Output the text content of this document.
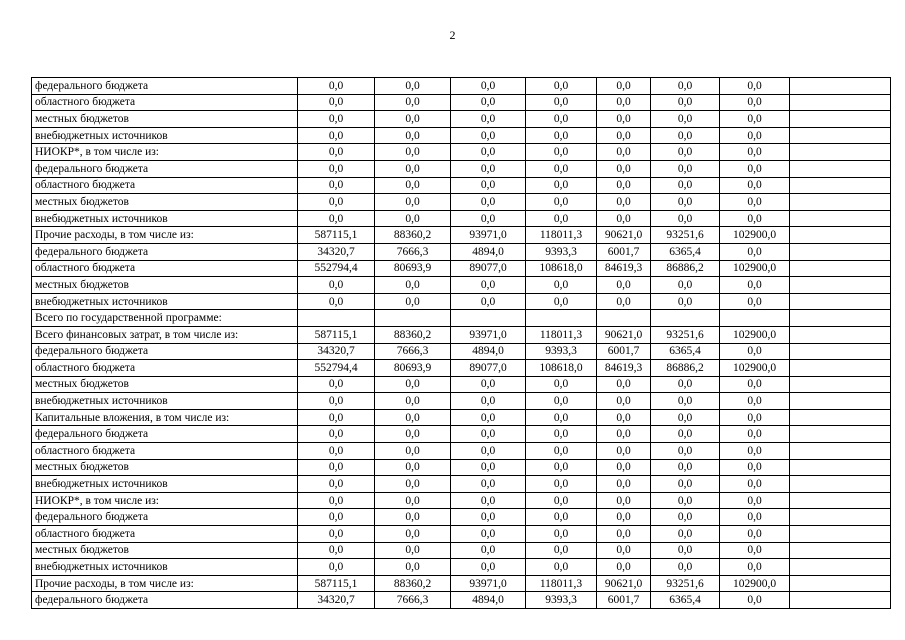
2
федерального бюджета	0,0	0,0	0,0	0,0	0,0	0,0	0,0	
областного бюджета	0,0	0,0	0,0	0,0	0,0	0,0	0,0	
местных бюджетов	0,0	0,0	0,0	0,0	0,0	0,0	0,0	
внебюджетных источников	0,0	0,0	0,0	0,0	0,0	0,0	0,0	
НИОКР*, в том числе из:	0,0	0,0	0,0	0,0	0,0	0,0	0,0	
федерального бюджета	0,0	0,0	0,0	0,0	0,0	0,0	0,0	
областного бюджета	0,0	0,0	0,0	0,0	0,0	0,0	0,0	
местных бюджетов	0,0	0,0	0,0	0,0	0,0	0,0	0,0	
внебюджетных источников	0,0	0,0	0,0	0,0	0,0	0,0	0,0	
Прочие расходы, в том числе из:	587115,1	88360,2	93971,0	118011,3	90621,0	93251,6	102900,0	
федерального бюджета	34320,7	7666,3	4894,0	9393,3	6001,7	6365,4	0,0	
областного бюджета	552794,4	80693,9	89077,0	108618,0	84619,3	86886,2	102900,0	
местных бюджетов	0,0	0,0	0,0	0,0	0,0	0,0	0,0	
внебюджетных источников	0,0	0,0	0,0	0,0	0,0	0,0	0,0	
Всего по государственной программе:								
Всего финансовых затрат, в том числе из:	587115,1	88360,2	93971,0	118011,3	90621,0	93251,6	102900,0	
федерального бюджета	34320,7	7666,3	4894,0	9393,3	6001,7	6365,4	0,0	
областного бюджета	552794,4	80693,9	89077,0	108618,0	84619,3	86886,2	102900,0	
местных бюджетов	0,0	0,0	0,0	0,0	0,0	0,0	0,0	
внебюджетных источников	0,0	0,0	0,0	0,0	0,0	0,0	0,0	
Капитальные вложения, в том числе из:	0,0	0,0	0,0	0,0	0,0	0,0	0,0	
федерального бюджета	0,0	0,0	0,0	0,0	0,0	0,0	0,0	
областного бюджета	0,0	0,0	0,0	0,0	0,0	0,0	0,0	
местных бюджетов	0,0	0,0	0,0	0,0	0,0	0,0	0,0	
внебюджетных источников	0,0	0,0	0,0	0,0	0,0	0,0	0,0	
НИОКР*, в том числе из:	0,0	0,0	0,0	0,0	0,0	0,0	0,0	
федерального бюджета	0,0	0,0	0,0	0,0	0,0	0,0	0,0	
областного бюджета	0,0	0,0	0,0	0,0	0,0	0,0	0,0	
местных бюджетов	0,0	0,0	0,0	0,0	0,0	0,0	0,0	
внебюджетных источников	0,0	0,0	0,0	0,0	0,0	0,0	0,0	
Прочие расходы, в том числе из:	587115,1	88360,2	93971,0	118011,3	90621,0	93251,6	102900,0	
федерального бюджета	34320,7	7666,3	4894,0	9393,3	6001,7	6365,4	0,0	
